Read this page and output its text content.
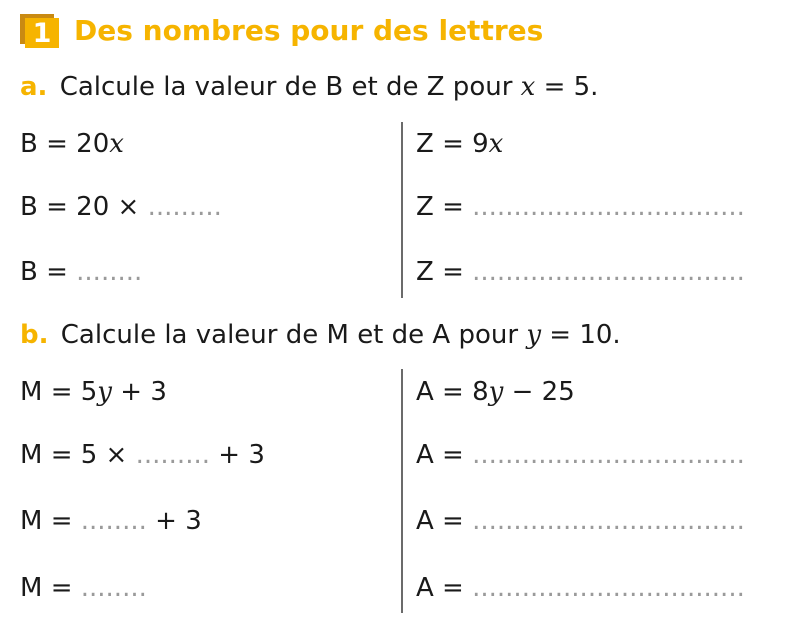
1 Des nombres pour des lettres
a. Calcule la valeur de B et de Z pour x = 5.
B = 20x
B = 20 × .........
B = ........
Z = 9x
Z = .................................
Z = .................................
b. Calcule la valeur de M et de A pour y = 10.
M = 5y + 3
M = 5 × ......... + 3
M = ........ + 3
M = ........
A = 8y − 25
A = .................................
A = .................................
A = .................................
